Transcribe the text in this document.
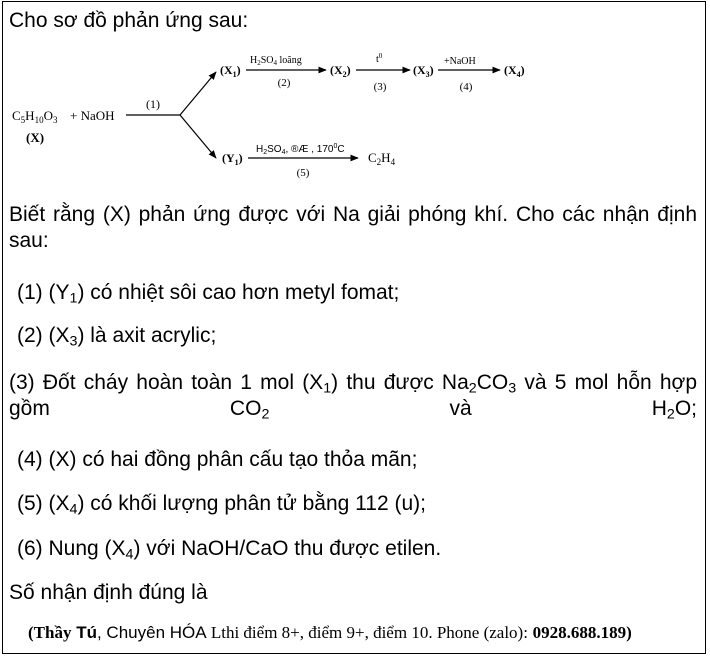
Cho sơ đồ phản ứng sau:
$C_5H_{10}O_3$ + NaOH
(X)
(1)
$(X_1)$
$H_2SO_4$ loãng
(2)
$(X_2)$
$t^0$
(3)
$(X_3)$
+NaOH
(4)
$(X_4)$
$(Y_1)$
$H_2SO_4$, ®Æ , $170^0C$
(5)
$C_2H_4$
Biết rằng (X) phản ứng được với Na giải phóng khí. Cho các nhận định sau:
(1) $(Y_1)$ có nhiệt sôi cao hơn metyl fomat;
(2) $(X_3)$ là axit acrylic;
(3) Đốt cháy hoàn toàn 1 mol $(X_1)$ thu được $Na_2CO_3$ và 5 mol hỗn hợp gồm $CO_2$ và $H_2O$;
(4) (X) có hai đồng phân cấu tạo thỏa mãn;
(5) $(X_4)$ có khối lượng phân tử bằng 112 (u);
(6) Nung $(X_4)$ với NaOH/CaO thu được etilen.
Số nhận định đúng là
(Thầy Tú, Chuyên HÓA Lthi điểm 8+, điểm 9+, điểm 10. Phone (zalo): 0928.688.189)
